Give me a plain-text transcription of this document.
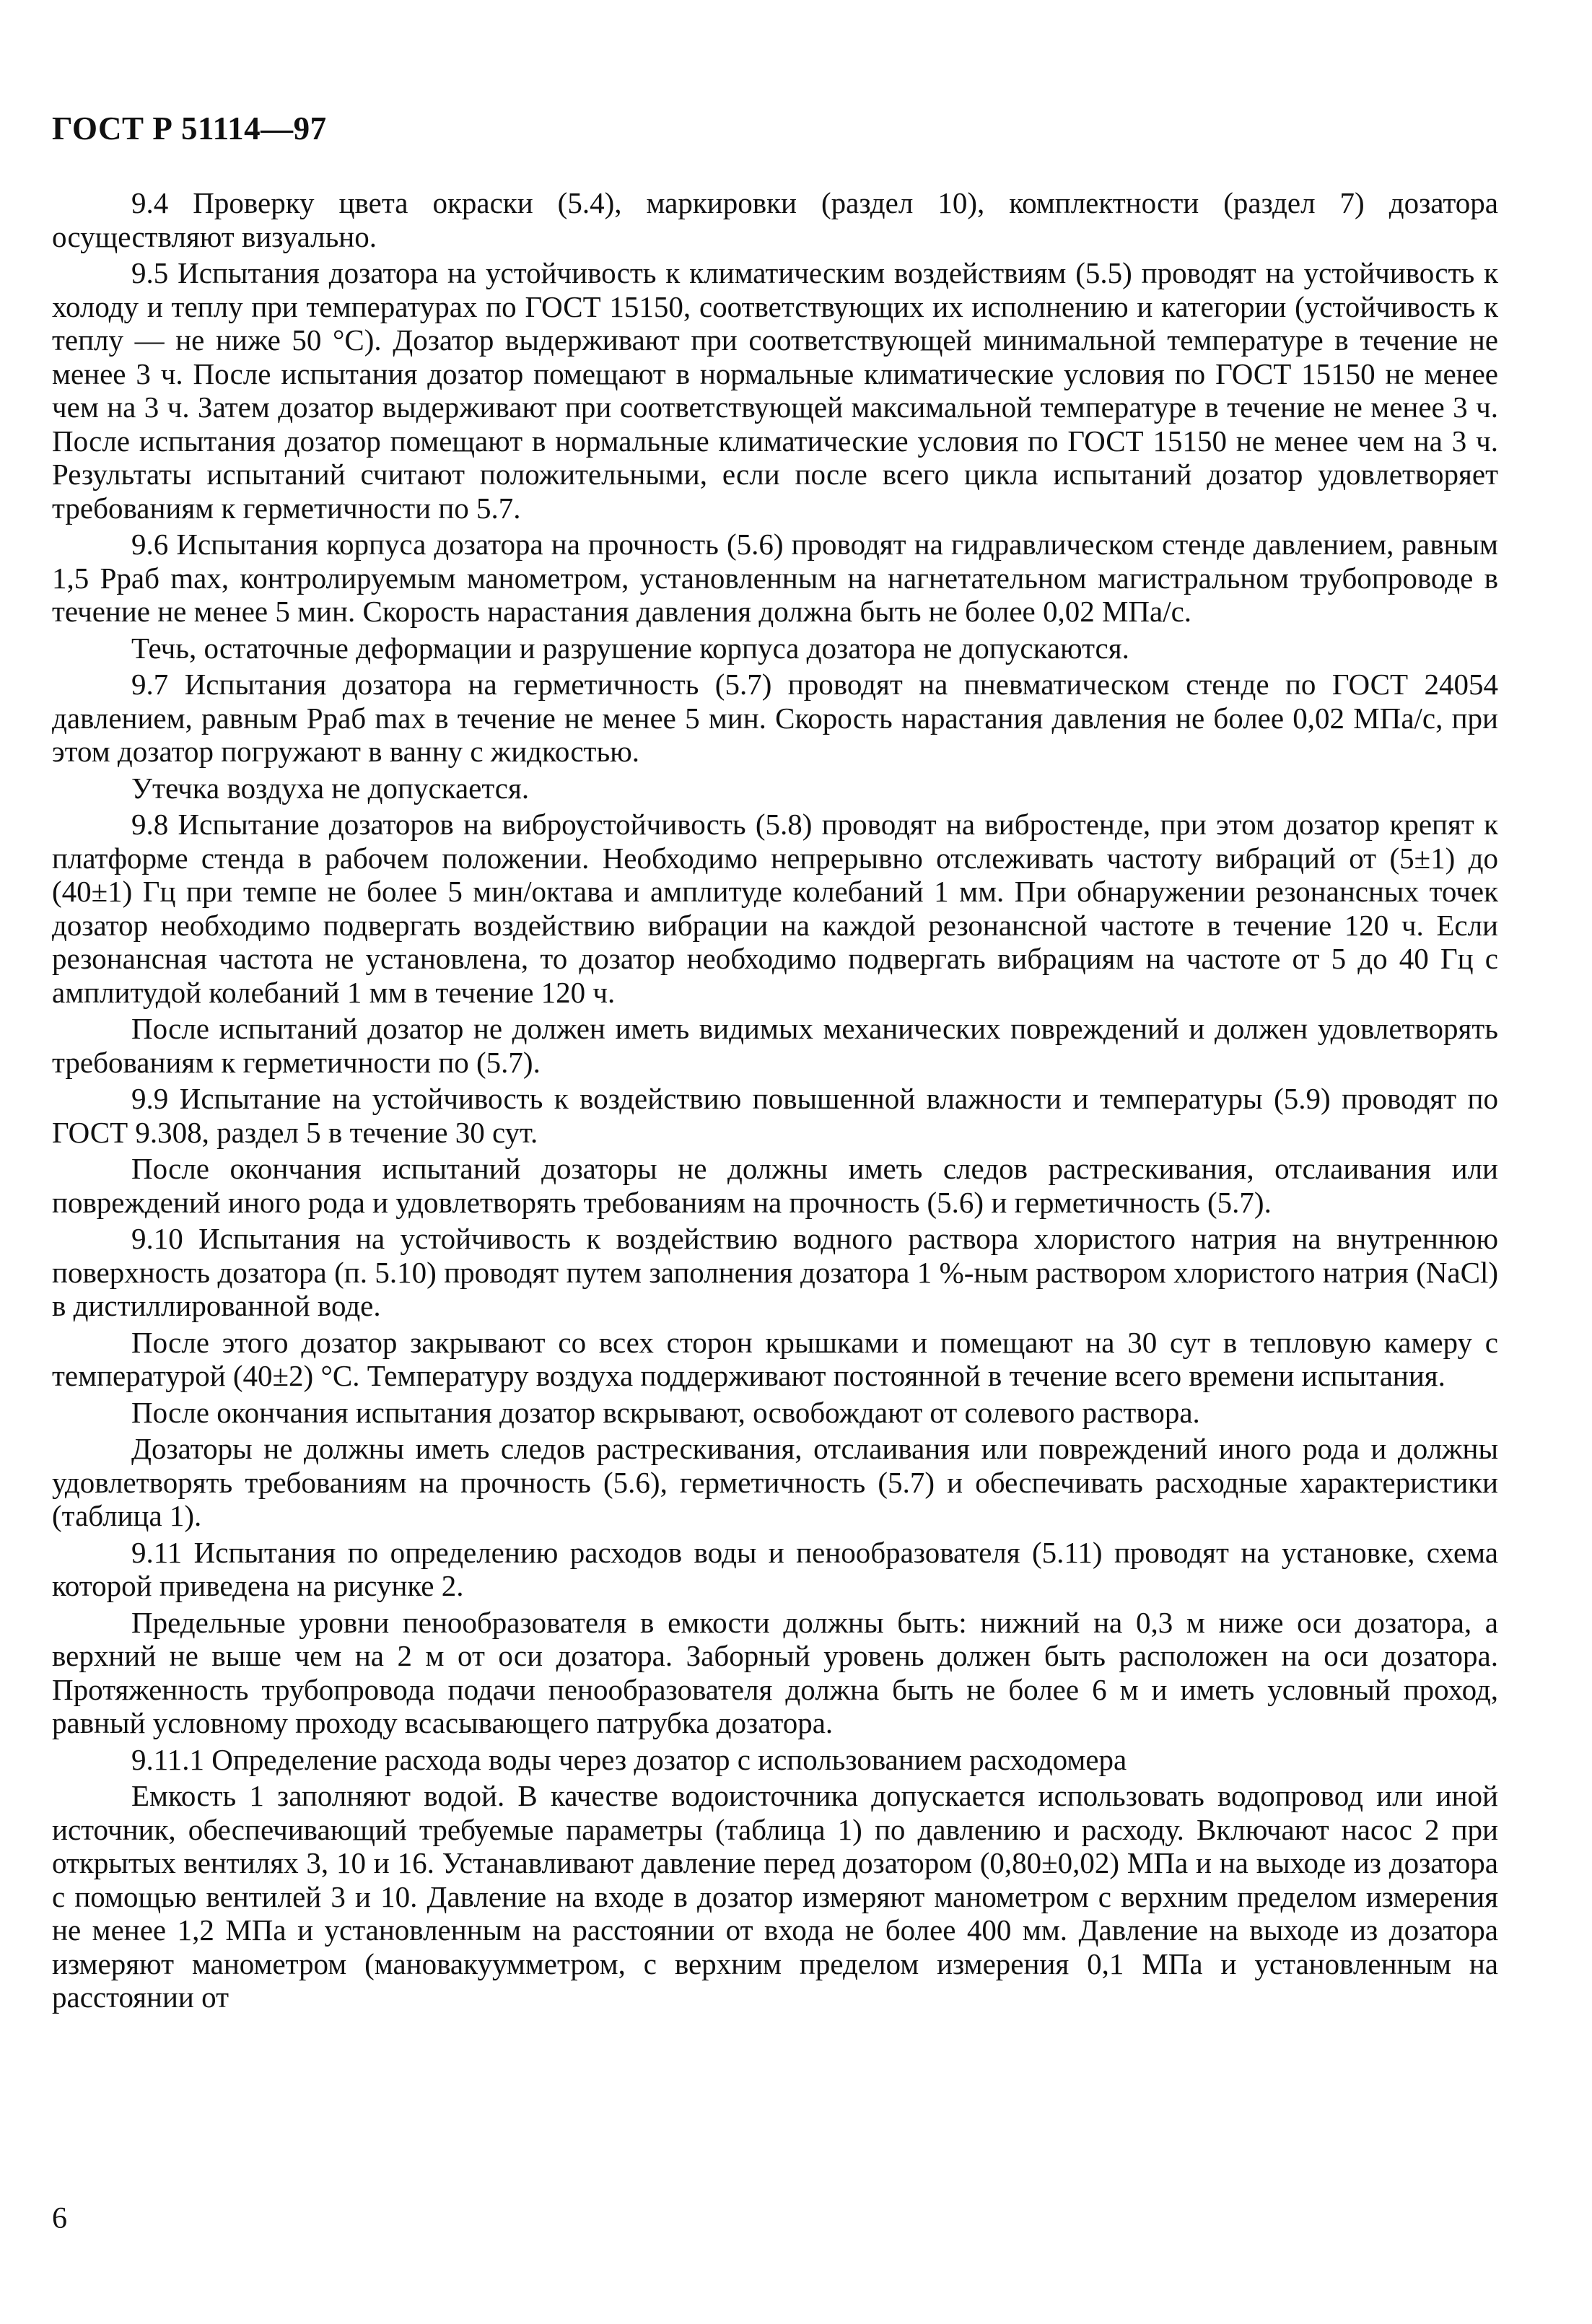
ГОСТ Р 51114—97

9.4 Проверку цвета окраски (5.4), маркировки (раздел 10), комплектности (раздел 7) дозатора осуществляют визуально.

9.5 Испытания дозатора на устойчивость к климатическим воздействиям (5.5) проводят на устойчивость к холоду и теплу при температурах по ГОСТ 15150, соответствующих их исполнению и категории (устойчивость к теплу — не ниже 50 °С). Дозатор выдерживают при соответствующей минимальной температуре в течение не менее 3 ч. После испытания дозатор помещают в нормальные климатические условия по ГОСТ 15150 не менее чем на 3 ч. Затем дозатор выдерживают при соответствующей максимальной температуре в течение не менее 3 ч. После испытания дозатор помещают в нормальные климатические условия по ГОСТ 15150 не менее чем на 3 ч. Результаты испытаний считают положительными, если после всего цикла испытаний дозатор удовлетворяет требованиям к герметичности по 5.7.

9.6 Испытания корпуса дозатора на прочность (5.6) проводят на гидравлическом стенде давлением, равным 1,5 Pраб max, контролируемым манометром, установленным на нагнетательном магистральном трубопроводе в течение не менее 5 мин. Скорость нарастания давления должна быть не более 0,02 МПа/с.

Течь, остаточные деформации и разрушение корпуса дозатора не допускаются.

9.7 Испытания дозатора на герметичность (5.7) проводят на пневматическом стенде по ГОСТ 24054 давлением, равным Pраб max в течение не менее 5 мин. Скорость нарастания давления не более 0,02 МПа/с, при этом дозатор погружают в ванну с жидкостью.

Утечка воздуха не допускается.

9.8 Испытание дозаторов на виброустойчивость (5.8) проводят на вибростенде, при этом дозатор крепят к платформе стенда в рабочем положении. Необходимо непрерывно отслеживать частоту вибраций от (5±1) до (40±1) Гц при темпе не более 5 мин/октава и амплитуде колебаний 1 мм. При обнаружении резонансных точек дозатор необходимо подвергать воздействию вибрации на каждой резонансной частоте в течение 120 ч. Если резонансная частота не установлена, то дозатор необходимо подвергать вибрациям на частоте от 5 до 40 Гц с амплитудой колебаний 1 мм в течение 120 ч.

После испытаний дозатор не должен иметь видимых механических повреждений и должен удовлетворять требованиям к герметичности по (5.7).

9.9 Испытание на устойчивость к воздействию повышенной влажности и температуры (5.9) проводят по ГОСТ 9.308, раздел 5 в течение 30 сут.

После окончания испытаний дозаторы не должны иметь следов растрескивания, отслаивания или повреждений иного рода и удовлетворять требованиям на прочность (5.6) и герметичность (5.7).

9.10 Испытания на устойчивость к воздействию водного раствора хлористого натрия на внутреннюю поверхность дозатора (п. 5.10) проводят путем заполнения дозатора 1 %-ным раствором хлористого натрия (NaCl) в дистиллированной воде.

После этого дозатор закрывают со всех сторон крышками и помещают на 30 сут в тепловую камеру с температурой (40±2) °С. Температуру воздуха поддерживают постоянной в течение всего времени испытания.

После окончания испытания дозатор вскрывают, освобождают от солевого раствора.

Дозаторы не должны иметь следов растрескивания, отслаивания или повреждений иного рода и должны удовлетворять требованиям на прочность (5.6), герметичность (5.7) и обеспечивать расходные характеристики (таблица 1).

9.11 Испытания по определению расходов воды и пенообразователя (5.11) проводят на установке, схема которой приведена на рисунке 2.

Предельные уровни пенообразователя в емкости должны быть: нижний на 0,3 м ниже оси дозатора, а верхний не выше чем на 2 м от оси дозатора. Заборный уровень должен быть расположен на оси дозатора. Протяженность трубопровода подачи пенообразователя должна быть не более 6 м и иметь условный проход, равный условному проходу всасывающего патрубка дозатора.

9.11.1 Определение расхода воды через дозатор с использованием расходомера

Емкость 1 заполняют водой. В качестве водоисточника допускается использовать водопровод или иной источник, обеспечивающий требуемые параметры (таблица 1) по давлению и расходу. Включают насос 2 при открытых вентилях 3, 10 и 16. Устанавливают давление перед дозатором (0,80±0,02) МПа и на выходе из дозатора с помощью вентилей 3 и 10. Давление на входе в дозатор измеряют манометром с верхним пределом измерения не менее 1,2 МПа и установленным на расстоянии от входа не более 400 мм. Давление на выходе из дозатора измеряют манометром (мановакуумметром, с верхним пределом измерения 0,1 МПа и установленным на расстоянии от

6
